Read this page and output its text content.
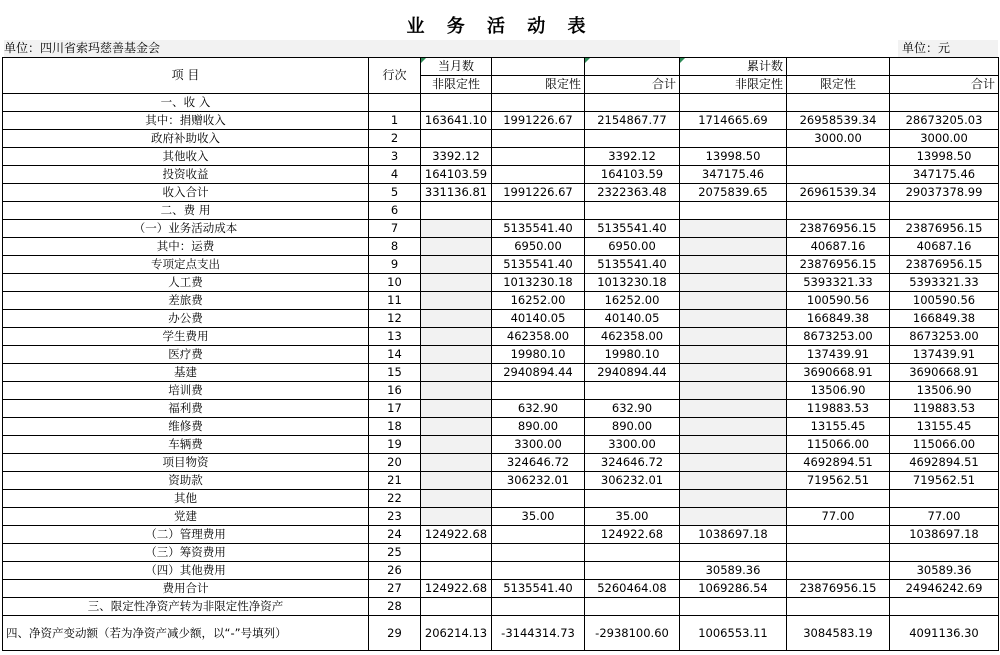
业 务 活 动 表
单位：四川省索玛慈善基金会	单位：元
项 目	行次	当月数			累计数		
		非限定性	限定性	合计	非限定性	限定性	合计
一、收 入							
其中：捐赠收入	1	163641.10	1991226.67	2154867.77	1714665.69	26958539.34	28673205.03
政府补助收入	2					3000.00	3000.00
其他收入	3	3392.12		3392.12	13998.50		13998.50
投资收益	4	164103.59		164103.59	347175.46		347175.46
收入合计	5	331136.81	1991226.67	2322363.48	2075839.65	26961539.34	29037378.99
二、费 用	6						
（一）业务活动成本	7		5135541.40	5135541.40		23876956.15	23876956.15
其中：运费	8		6950.00	6950.00		40687.16	40687.16
专项定点支出	9		5135541.40	5135541.40		23876956.15	23876956.15
人工费	10		1013230.18	1013230.18		5393321.33	5393321.33
差旅费	11		16252.00	16252.00		100590.56	100590.56
办公费	12		40140.05	40140.05		166849.38	166849.38
学生费用	13		462358.00	462358.00		8673253.00	8673253.00
医疗费	14		19980.10	19980.10		137439.91	137439.91
基建	15		2940894.44	2940894.44		3690668.91	3690668.91
培训费	16					13506.90	13506.90
福利费	17		632.90	632.90		119883.53	119883.53
维修费	18		890.00	890.00		13155.45	13155.45
车辆费	19		3300.00	3300.00		115066.00	115066.00
项目物资	20		324646.72	324646.72		4692894.51	4692894.51
资助款	21		306232.01	306232.01		719562.51	719562.51
其他	22						
党建	23		35.00	35.00		77.00	77.00
（二）管理费用	24	124922.68		124922.68	1038697.18		1038697.18
（三）筹资费用	25						
（四）其他费用	26				30589.36		30589.36
费用合计	27	124922.68	5135541.40	5260464.08	1069286.54	23876956.15	24946242.69
三、限定性净资产转为非限定性净资产	28						
四、净资产变动额（若为净资产减少额，以“-”号填列）	29	206214.13	-3144314.73	-2938100.60	1006553.11	3084583.19	4091136.30
